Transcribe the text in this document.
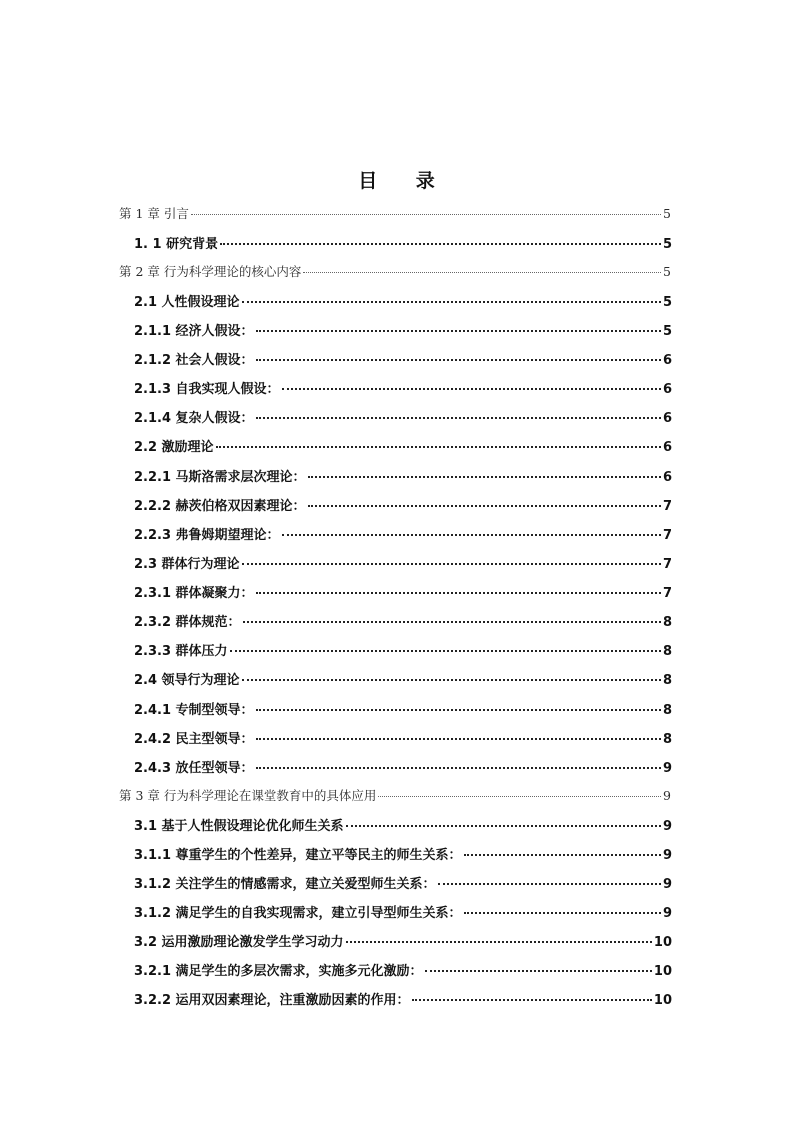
目 录
第 1 章 引言	5
1. 1 研究背景	5
第 2 章 行为科学理论的核心内容	5
2.1 人性假设理论	5
2.1.1 经济人假设：	5
2.1.2 社会人假设：	6
2.1.3 自我实现人假设：	6
2.1.4 复杂人假设：	6
2.2 激励理论	6
2.2.1 马斯洛需求层次理论：	6
2.2.2 赫茨伯格双因素理论：	7
2.2.3 弗鲁姆期望理论：	7
2.3 群体行为理论	7
2.3.1 群体凝聚力：	7
2.3.2 群体规范：	8
2.3.3 群体压力	8
2.4 领导行为理论	8
2.4.1 专制型领导：	8
2.4.2 民主型领导：	8
2.4.3 放任型领导：	9
第 3 章 行为科学理论在课堂教育中的具体应用	9
3.1 基于人性假设理论优化师生关系	9
3.1.1 尊重学生的个性差异，建立平等民主的师生关系：	9
3.1.2 关注学生的情感需求，建立关爱型师生关系：	9
3.1.2 满足学生的自我实现需求，建立引导型师生关系：	9
3.2 运用激励理论激发学生学习动力	10
3.2.1 满足学生的多层次需求，实施多元化激励：	10
3.2.2 运用双因素理论，注重激励因素的作用：	10
